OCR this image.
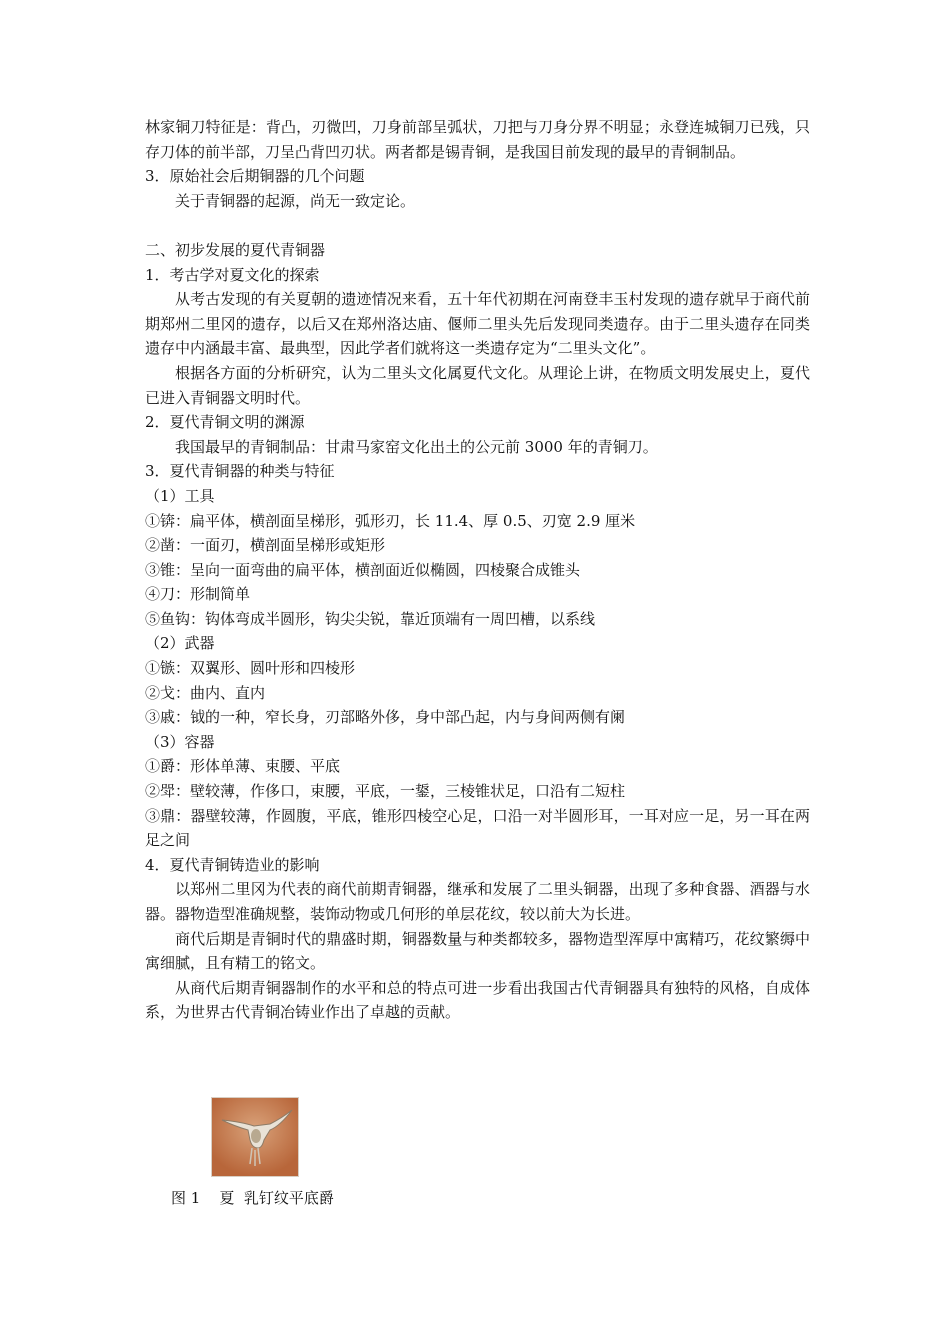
林家铜刀特征是：背凸，刃微凹，刀身前部呈弧状，刀把与刀身分界不明显；永登连城铜刀已残，只存刀体的前半部，刀呈凸背凹刃状。两者都是锡青铜，是我国目前发现的最早的青铜制品。
3．原始社会后期铜器的几个问题
关于青铜器的起源，尚无一致定论。
二、初步发展的夏代青铜器
1．考古学对夏文化的探索
从考古发现的有关夏朝的遗迹情况来看，五十年代初期在河南登丰玉村发现的遗存就早于商代前期郑州二里冈的遗存，以后又在郑州洛达庙、偃师二里头先后发现同类遗存。由于二里头遗存在同类遗存中内涵最丰富、最典型，因此学者们就将这一类遗存定为“二里头文化”。
根据各方面的分析研究，认为二里头文化属夏代文化。从理论上讲，在物质文明发展史上，夏代已进入青铜器文明时代。
2．夏代青铜文明的渊源
我国最早的青铜制品：甘肃马家窑文化出土的公元前 3000 年的青铜刀。
3．夏代青铜器的种类与特征
（1）工具
①锛：扁平体，横剖面呈梯形，弧形刃，长 11.4、厚 0.5、刃宽 2.9 厘米
②凿：一面刃，横剖面呈梯形或矩形
③锥：呈向一面弯曲的扁平体，横剖面近似椭圆，四棱聚合成锥头
④刀：形制简单
⑤鱼钩：钩体弯成半圆形，钩尖尖锐，靠近顶端有一周凹槽，以系线
（2）武器
①镞：双翼形、圆叶形和四棱形
②戈：曲内、直内
③戚：钺的一种，窄长身，刃部略外侈，身中部凸起，内与身间两侧有阑
（3）容器
①爵：形体单薄、束腰、平底
②斝：壁较薄，作侈口，束腰，平底，一鋬，三棱锥状足，口沿有二短柱
③鼎：器壁较薄，作圆腹，平底，锥形四棱空心足，口沿一对半圆形耳，一耳对应一足，另一耳在两足之间
4．夏代青铜铸造业的影响
以郑州二里冈为代表的商代前期青铜器，继承和发展了二里头铜器，出现了多种食器、酒器与水器。器物造型准确规整，装饰动物或几何形的单层花纹，较以前大为长进。
商代后期是青铜时代的鼎盛时期，铜器数量与种类都较多，器物造型浑厚中寓精巧，花纹繁缛中寓细腻，且有精工的铭文。
从商代后期青铜器制作的水平和总的特点可进一步看出我国古代青铜器具有独特的风格，自成体系，为世界古代青铜冶铸业作出了卓越的贡献。
图 1    夏  乳钉纹平底爵
